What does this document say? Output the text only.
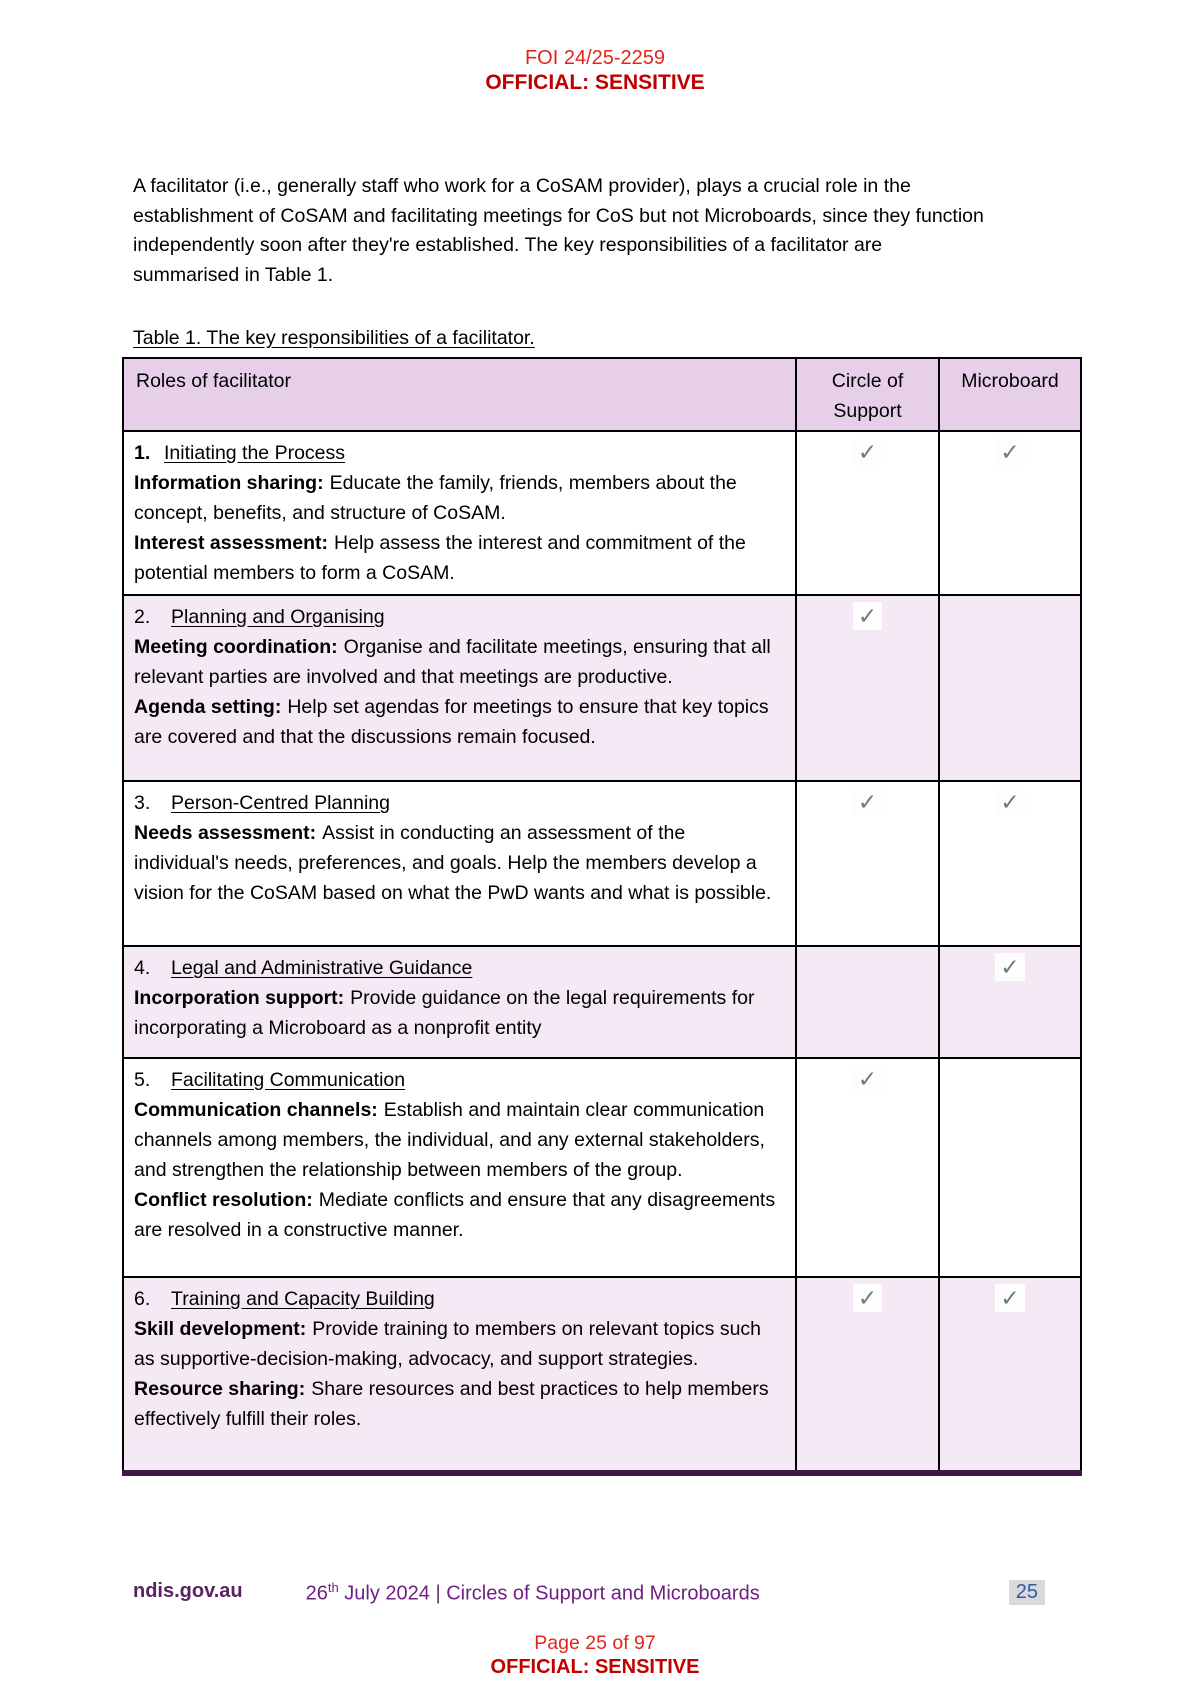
FOI 24/25-2259
OFFICIAL: SENSITIVE

A facilitator (i.e., generally staff who work for a CoSAM provider), plays a crucial role in the establishment of CoSAM and facilitating meetings for CoS but not Microboards, since they function independently soon after they're established. The key responsibilities of a facilitator are summarised in Table 1.

Table 1. The key responsibilities of a facilitator.
Roles of facilitator	Circle of Support	Microboard

1. Initiating the Process
Information sharing: Educate the family, friends, members about the concept, benefits, and structure of CoSAM.
Interest assessment: Help assess the interest and commitment of the potential members to form a CoSAM.	✓	✓

2. Planning and Organising
Meeting coordination: Organise and facilitate meetings, ensuring that all relevant parties are involved and that meetings are productive.
Agenda setting: Help set agendas for meetings to ensure that key topics are covered and that the discussions remain focused.	✓	

3. Person-Centred Planning
Needs assessment: Assist in conducting an assessment of the individual's needs, preferences, and goals. Help the members develop a vision for the CoSAM based on what the PwD wants and what is possible.	✓	✓

4. Legal and Administrative Guidance
Incorporation support: Provide guidance on the legal requirements for incorporating a Microboard as a nonprofit entity		✓

5. Facilitating Communication
Communication channels: Establish and maintain clear communication channels among members, the individual, and any external stakeholders, and strengthen the relationship between members of the group.
Conflict resolution: Mediate conflicts and ensure that any disagreements are resolved in a constructive manner.	✓	

6. Training and Capacity Building
Skill development: Provide training to members on relevant topics such as supportive-decision-making, advocacy, and support strategies.
Resource sharing: Share resources and best practices to help members effectively fulfill their roles.	✓	✓
ndis.gov.au	26th July 2024 | Circles of Support and Microboards	25
Page 25 of 97
OFFICIAL: SENSITIVE
